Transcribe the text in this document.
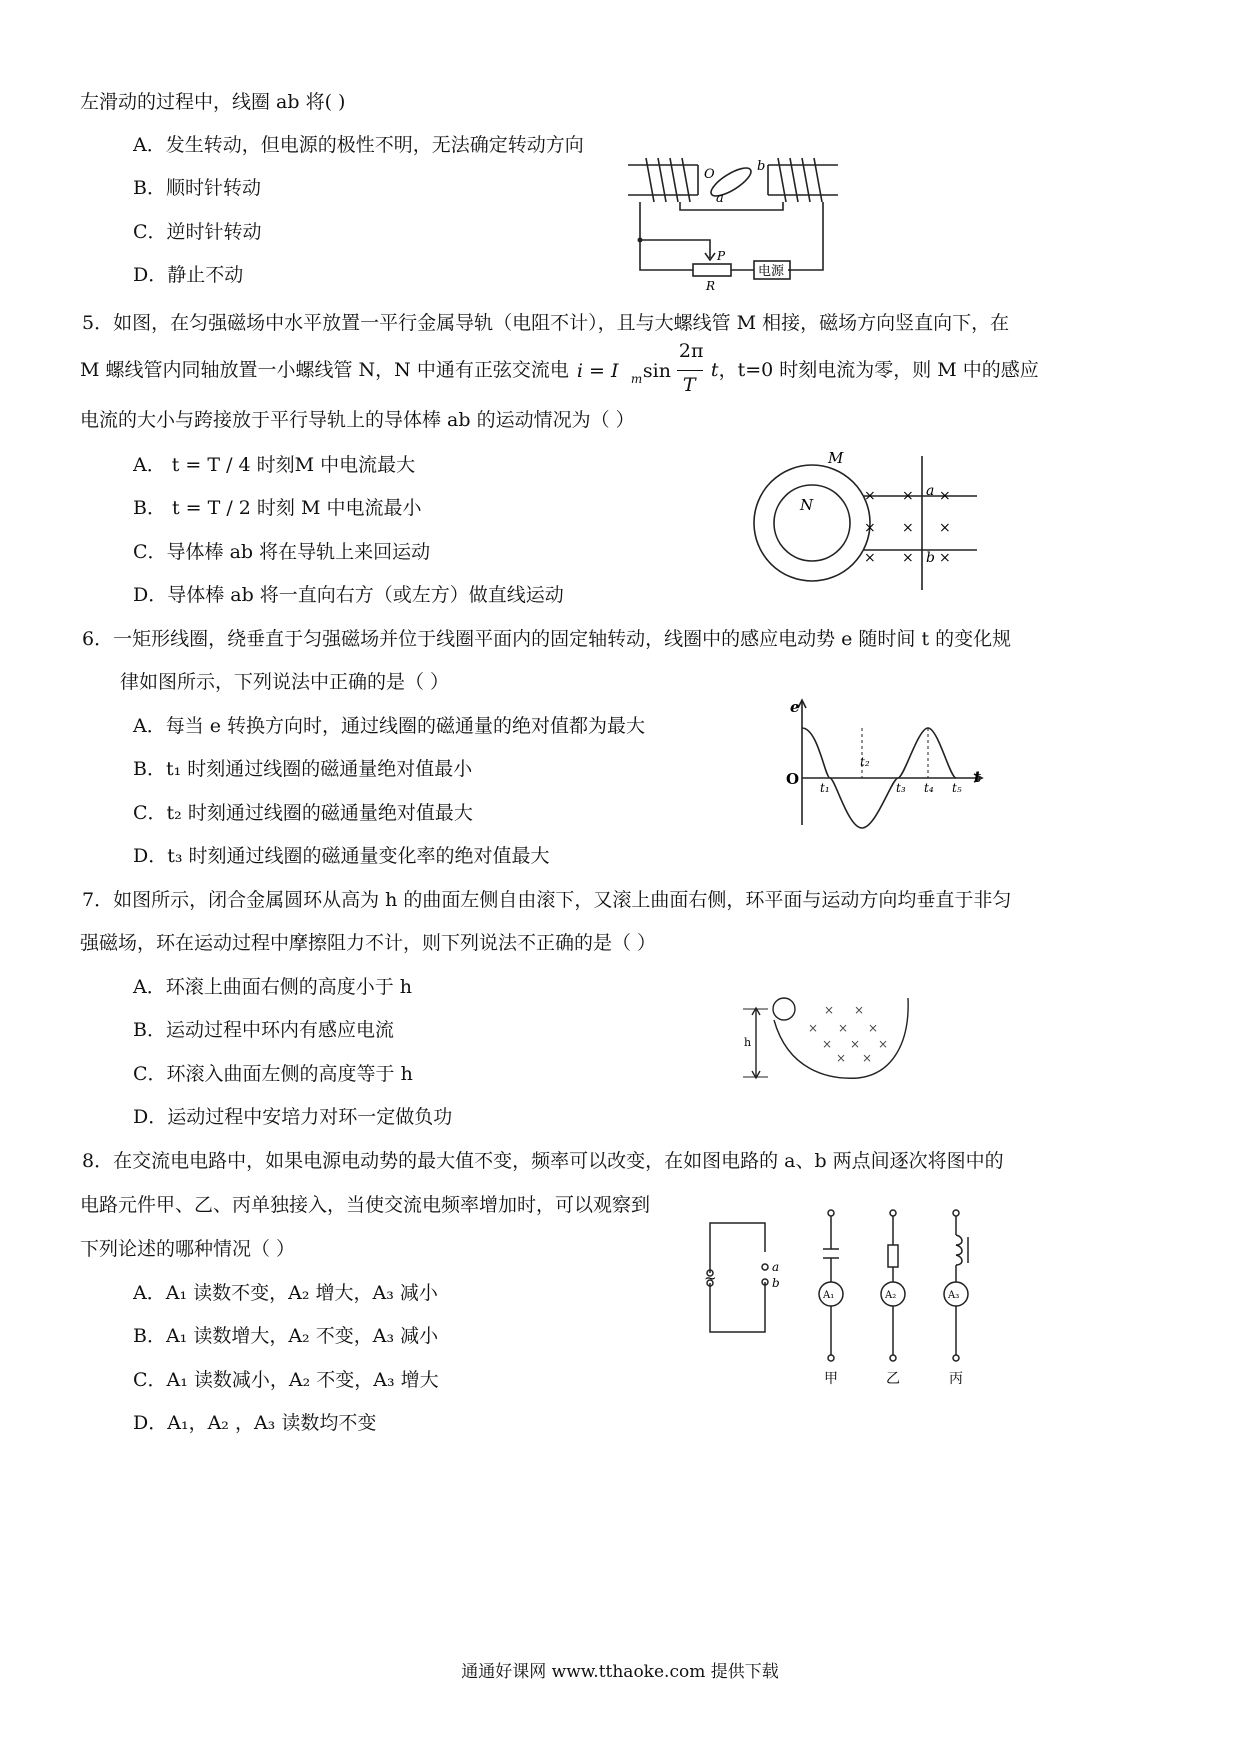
左滑动的过程中，线圈 ab 将( )
A．发生转动，但电源的极性不明，无法确定转动方向
B．顺时针转动
C．逆时针转动
D．静止不动
O
b
a
P
R
电源
5．如图，在匀强磁场中水平放置一平行金属导轨（电阻不计），且与大螺线管 M 相接，磁场方向竖直向下，在
M 螺线管内同轴放置一小螺线管 N，N 中通有正弦交流电 i = I m sin
2π
T
t，t=0 时刻电流为零，则 M 中的感应
电流的大小与跨接放于平行导轨上的导体棒 ab 的运动情况为（ ）
A． t = T / 4 时刻M 中电流最大
B． t = T / 2 时刻 M 中电流最小
C．导体棒 ab 将在导轨上来回运动
D．导体棒 ab 将一直向右方（或左方）做直线运动
M
N
a
b
× × ×
× × ×
× × ×
6．一矩形线圈，绕垂直于匀强磁场并位于线圈平面内的固定轴转动，线圈中的感应电动势 e 随时间 t 的变化规
律如图所示，下列说法中正确的是（ ）
A．每当 e 转换方向时，通过线圈的磁通量的绝对值都为最大
B．t₁ 时刻通过线圈的磁通量绝对值最小
C．t₂ 时刻通过线圈的磁通量绝对值最大
D．t₃ 时刻通过线圈的磁通量变化率的绝对值最大
e
O	t
t₁
t₂
t₃ t₄ t₅
7．如图所示，闭合金属圆环从高为 h 的曲面左侧自由滚下，又滚上曲面右侧，环平面与运动方向均垂直于非匀
强磁场，环在运动过程中摩擦阻力不计，则下列说法不正确的是（ ）
A．环滚上曲面右侧的高度小于 h
B．运动过程中环内有感应电流
C．环滚入曲面左侧的高度等于 h
D．运动过程中安培力对环一定做负功
h
× ×
× × ×
× × ×
× ×
8．在交流电电路中，如果电源电动势的最大值不变，频率可以改变，在如图电路的 a、b 两点间逐次将图中的
电路元件甲、乙、丙单独接入，当使交流电频率增加时，可以观察到
下列论述的哪种情况（ ）
A．A₁ 读数不变，A₂ 增大，A₃ 减小
B．A₁ 读数增大，A₂ 不变，A₃ 减小
C．A₁ 读数减小，A₂ 不变，A₃ 增大
D．A₁，A₂ ，A₃ 读数均不变
~
a
b
A₁	A₂	A₃
甲	乙	丙
通通好课网 www.tthaoke.com 提供下载
